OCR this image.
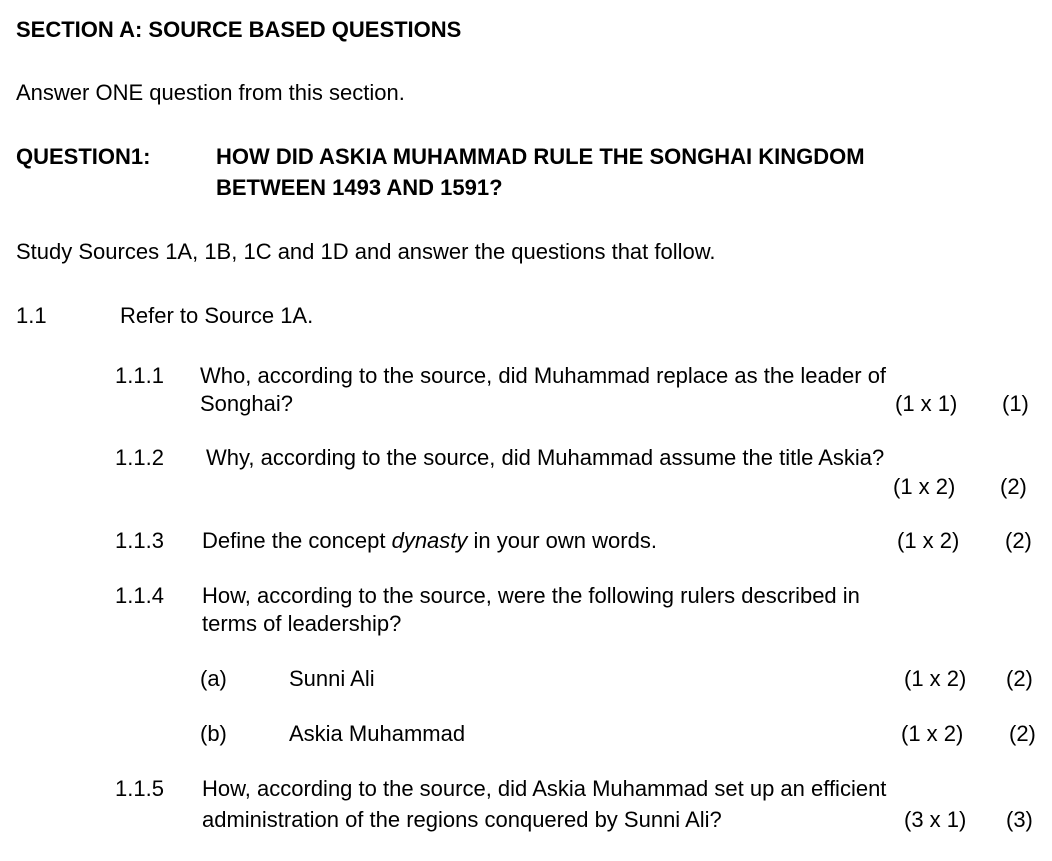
SECTION A: SOURCE BASED QUESTIONS
Answer ONE question from this section.
QUESTION1:	HOW DID ASKIA MUHAMMAD RULE THE SONGHAI KINGDOM
BETWEEN 1493 AND 1591?
Study Sources 1A, 1B, 1C and 1D and answer the questions that follow.
1.1	Refer to Source 1A.
1.1.1 Who, according to the source, did Muhammad replace as the leader of
Songhai?	(1 x 1) (1)
1.1.2 Why, according to the source, did Muhammad assume the title Askia?
(1 x 2) (2)
1.1.3 Define the concept dynasty in your own words.	(1 x 2) (2)
1.1.4 How, according to the source, were the following rulers described in
terms of leadership?
(a)	Sunni Ali	(1 x 2) (2)
(b)	Askia Muhammad	(1 x 2) (2)
1.1.5 How, according to the source, did Askia Muhammad set up an efficient
administration of the regions conquered by Sunni Ali?	(3 x 1) (3)
